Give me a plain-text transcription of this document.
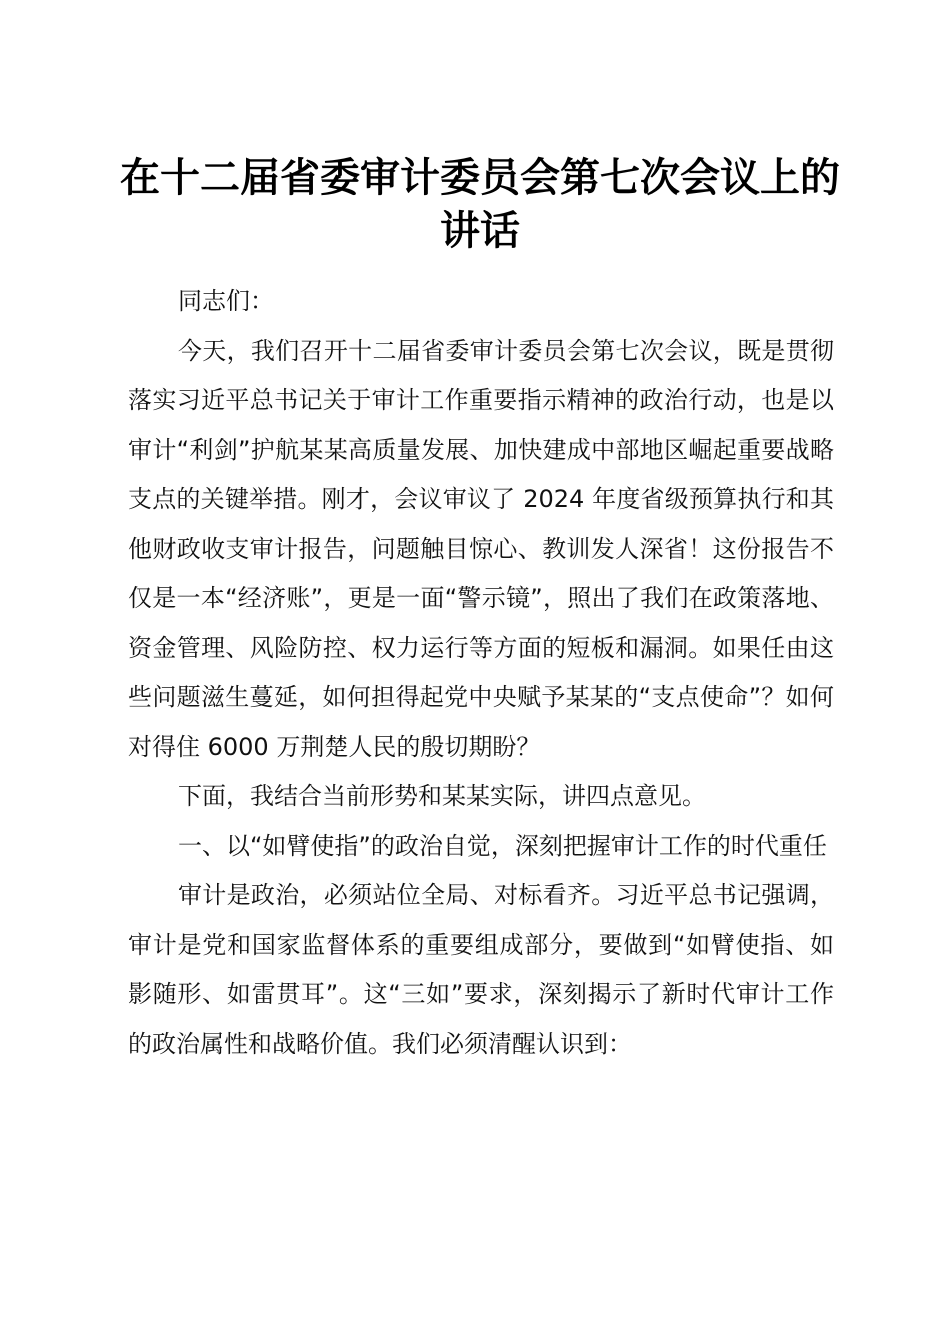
在十二届省委审计委员会第七次会议上的讲话

同志们：

今天，我们召开十二届省委审计委员会第七次会议，既是贯彻落实习近平总书记关于审计工作重要指示精神的政治行动，也是以审计“利剑”护航某某高质量发展、加快建成中部地区崛起重要战略支点的关键举措。刚才，会议审议了 2024 年度省级预算执行和其他财政收支审计报告，问题触目惊心、教训发人深省！这份报告不仅是一本“经济账”，更是一面“警示镜”，照出了我们在政策落地、资金管理、风险防控、权力运行等方面的短板和漏洞。如果任由这些问题滋生蔓延，如何担得起党中央赋予某某的“支点使命”？如何对得住 6000 万荆楚人民的殷切期盼？

下面，我结合当前形势和某某实际，讲四点意见。

一、以“如臂使指”的政治自觉，深刻把握审计工作的时代重任

审计是政治，必须站位全局、对标看齐。习近平总书记强调，审计是党和国家监督体系的重要组成部分，要做到“如臂使指、如影随形、如雷贯耳”。这“三如”要求，深刻揭示了新时代审计工作的政治属性和战略价值。我们必须清醒认识到：
